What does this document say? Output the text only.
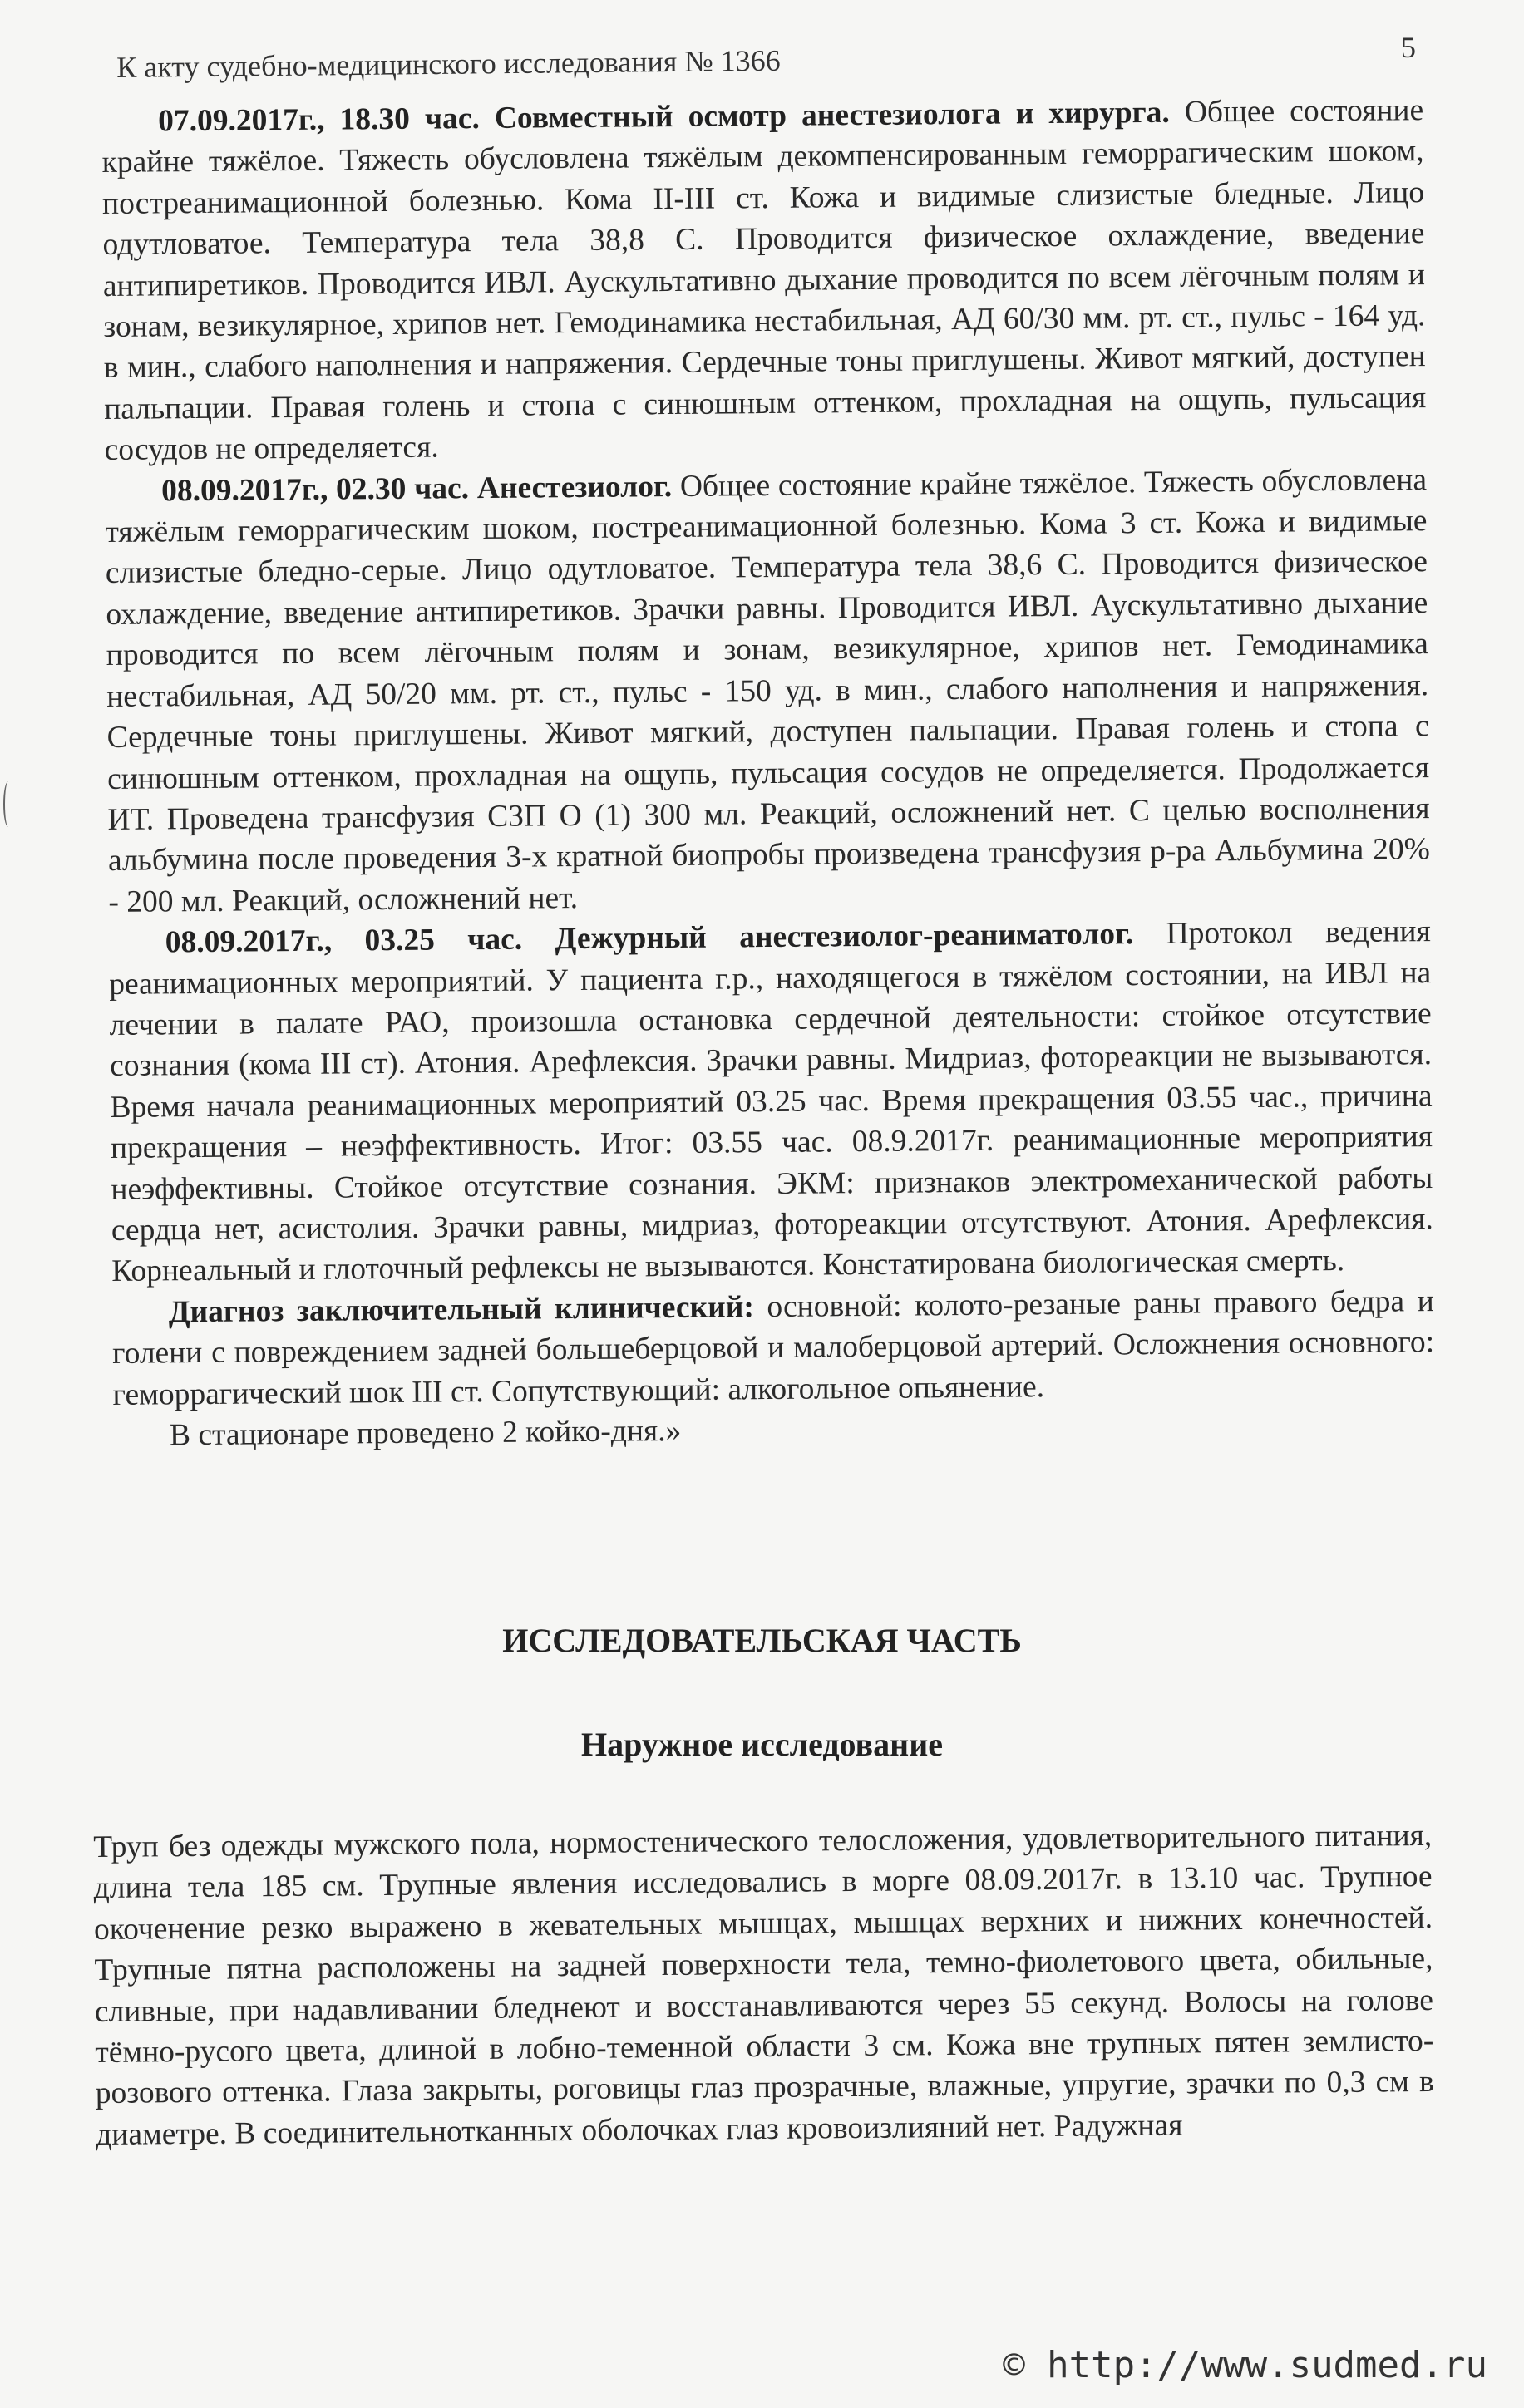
5
К акту судебно-медицинского исследования № 1366

07.09.2017г., 18.30 час. Совместный осмотр анестезиолога и хирурга. Общее состояние крайне тяжёлое. Тяжесть обусловлена тяжёлым декомпенсированным геморрагическим шоком, постреанимационной болезнью. Кома II-III ст. Кожа и видимые слизистые бледные. Лицо одутловатое. Температура тела 38,8 С. Проводится физическое охлаждение, введение антипиретиков. Проводится ИВЛ. Аускультативно дыхание проводится по всем лёгочным полям и зонам, везикулярное, хрипов нет. Гемодинамика нестабильная, АД 60/30 мм. рт. ст., пульс - 164 уд. в мин., слабого наполнения и напряжения. Сердечные тоны приглушены. Живот мягкий, доступен пальпации. Правая голень и стопа с синюшным оттенком, прохладная на ощупь, пульсация сосудов не определяется.

08.09.2017г., 02.30 час. Анестезиолог. Общее состояние крайне тяжёлое. Тяжесть обусловлена тяжёлым геморрагическим шоком, постреанимационной болезнью. Кома 3 ст. Кожа и видимые слизистые бледно-серые. Лицо одутловатое. Температура тела 38,6 С. Проводится физическое охлаждение, введение антипиретиков. Зрачки равны. Проводится ИВЛ. Аускультативно дыхание проводится по всем лёгочным полям и зонам, везикулярное, хрипов нет. Гемодинамика нестабильная, АД 50/20 мм. рт. ст., пульс - 150 уд. в мин., слабого наполнения и напряжения. Сердечные тоны приглушены. Живот мягкий, доступен пальпации. Правая голень и стопа с синюшным оттенком, прохладная на ощупь, пульсация сосудов не определяется. Продолжается ИТ. Проведена трансфузия СЗП О (1) 300 мл. Реакций, осложнений нет. С целью восполнения альбумина после проведения 3-х кратной биопробы произведена трансфузия р-ра Альбумина 20% - 200 мл. Реакций, осложнений нет.

08.09.2017г., 03.25 час. Дежурный анестезиолог-реаниматолог. Протокол ведения реанимационных мероприятий. У пациента г.р., находящегося в тяжёлом состоянии, на ИВЛ на лечении в палате РАО, произошла остановка сердечной деятельности: стойкое отсутствие сознания (кома III ст). Атония. Арефлексия. Зрачки равны. Мидриаз, фотореакции не вызываются. Время начала реанимационных мероприятий 03.25 час. Время прекращения 03.55 час., причина прекращения – неэффективность. Итог: 03.55 час. 08.9.2017г. реанимационные мероприятия неэффективны. Стойкое отсутствие сознания. ЭКМ: признаков электромеханической работы сердца нет, асистолия. Зрачки равны, мидриаз, фотореакции отсутствуют. Атония. Арефлексия. Корнеальный и глоточный рефлексы не вызываются. Констатирована биологическая смерть.

Диагноз заключительный клинический: основной: колото-резаные раны правого бедра и голени с повреждением задней большеберцовой и малоберцовой артерий. Осложнения основного: геморрагический шок III ст. Сопутствующий: алкогольное опьянение.

В стационаре проведено 2 койко-дня.»

ИССЛЕДОВАТЕЛЬСКАЯ ЧАСТЬ
Наружное исследование

Труп без одежды мужского пола, нормостенического телосложения, удовлетворительного питания, длина тела 185 см. Трупные явления исследовались в морге 08.09.2017г. в 13.10 час. Трупное окоченение резко выражено в жевательных мышцах, мышцах верхних и нижних конечностей. Трупные пятна расположены на задней поверхности тела, темно-фиолетового цвета, обильные, сливные, при надавливании бледнеют и восстанавливаются через 55 секунд. Волосы на голове тёмно-русого цвета, длиной в лобно-теменной области 3 см. Кожа вне трупных пятен землисто-розового оттенка. Глаза закрыты, роговицы глаз прозрачные, влажные, упругие, зрачки по 0,3 см в диаметре. В соединительнотканных оболочках глаз кровоизлияний нет. Радужная

© http://www.sudmed.ru
